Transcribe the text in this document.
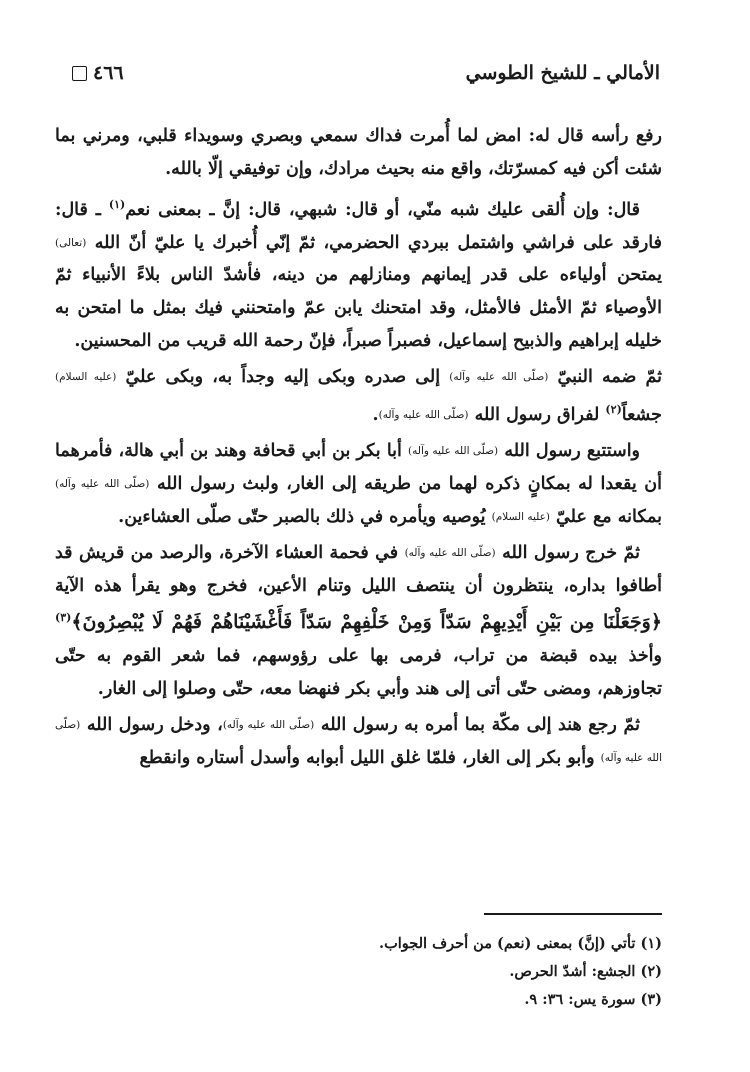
٤٦٦	الأمالي ـ للشيخ الطوسي

رفع رأسه قال له: امض لما أُمرت فداك سمعي وبصري وسويداء قلبي، ومرني بما شئت أكن فيه كمسرّتك، واقع منه بحيث مرادك، وإن توفيقي إلّا بالله.

قال: وإن أُلقى عليك شبه منّي، أو قال: شبهي، قال: إنَّ ـ بمعنى نعم$^{(١)}$ ـ قال: فارقد على فراشي واشتمل ببردي الحضرمي، ثمّ إنّي أُخبرك يا عليّ أنّ الله (تعالى) يمتحن أولياءه على قدر إيمانهم ومنازلهم من دينه، فأشدّ الناس بلاءً الأنبياء ثمّ الأوصياء ثمّ الأمثل فالأمثل، وقد امتحنك يابن عمّ وامتحنني فيك بمثل ما امتحن به خليله إبراهيم والذبيح إسماعيل، فصبراً صبراً، فإنّ رحمة الله قريب من المحسنين.

ثمّ ضمه النبيّ (صلّى الله عليه وآله) إلى صدره وبكى إليه وجداً به، وبكى عليّ (عليه السلام) جشعاً$^{(٢)}$ لفراق رسول الله (صلّى الله عليه وآله).

واستتبع رسول الله (صلّى الله عليه وآله) أبا بكر بن أبي قحافة وهند بن أبي هالة، فأمرهما أن يقعدا له بمكانٍ ذكره لهما من طريقه إلى الغار، ولبث رسول الله (صلّى الله عليه وآله) بمكانه مع عليّ (عليه السلام) يُوصيه ويأمره في ذلك بالصبر حتّى صلّى العشاءين.

ثمّ خرج رسول الله (صلّى الله عليه وآله) في فحمة العشاء الآخرة، والرصد من قريش قد أطافوا بداره، ينتظرون أن ينتصف الليل وتنام الأعين، فخرج وهو يقرأ هذه الآية ﴿وَجَعَلْنَا مِن بَيْنِ أَيْدِيهِمْ سَدّاً وَمِنْ خَلْفِهِمْ سَدّاً فَأَغْشَيْنَاهُمْ فَهُمْ لَا يُبْصِرُونَ﴾$^{(٣)}$ وأخذ بيده قبضة من تراب، فرمى بها على رؤوسهم، فما شعر القوم به حتّى تجاوزهم، ومضى حتّى أتى إلى هند وأبي بكر فنهضا معه، حتّى وصلوا إلى الغار.

ثمّ رجع هند إلى مكّة بما أمره به رسول الله (صلّى الله عليه وآله)، ودخل رسول الله (صلّى الله عليه وآله) وأبو بكر إلى الغار، فلمّا غلق الليل أبوابه وأسدل أستاره وانقطع

(١) تأتي (إنَّ) بمعنى (نعم) من أحرف الجواب.
(٢) الجشع: أشدّ الحرص.
(٣) سورة يس: ٣٦: ٩.
